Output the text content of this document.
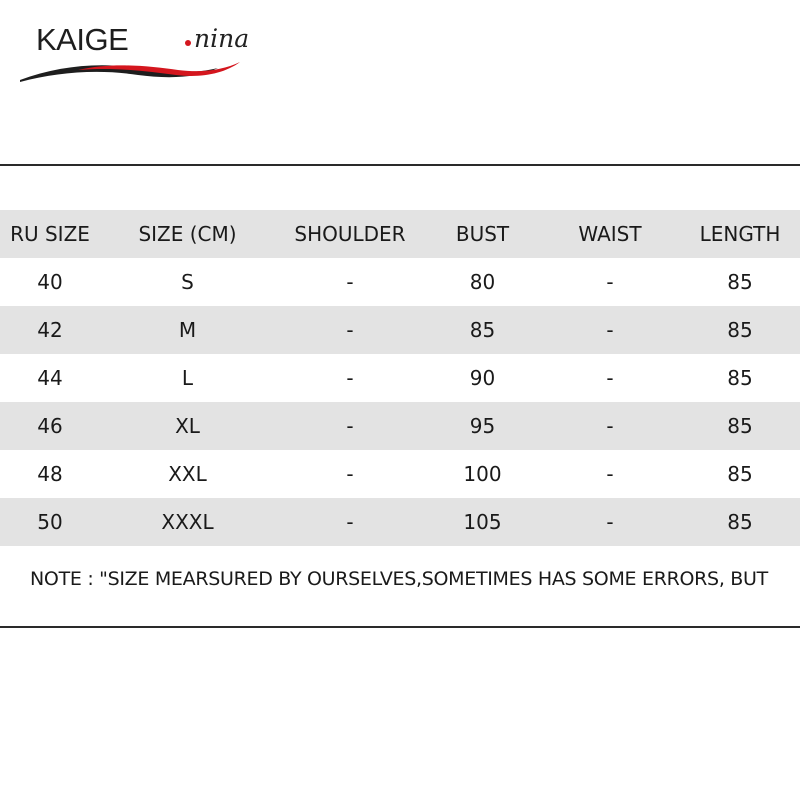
KAIGE	nina
RU SIZE	SIZE (CM)	SHOULDER	BUST	WAIST	LENGTH
40	S	-	80	-	85
42	M	-	85	-	85
44	L	-	90	-	85
46	XL	-	95	-	85
48	XXL	-	100	-	85
50	XXXL	-	105	-	85
NOTE : "SIZE MEARSURED BY OURSELVES,SOMETIMES HAS SOME ERRORS, BUT
